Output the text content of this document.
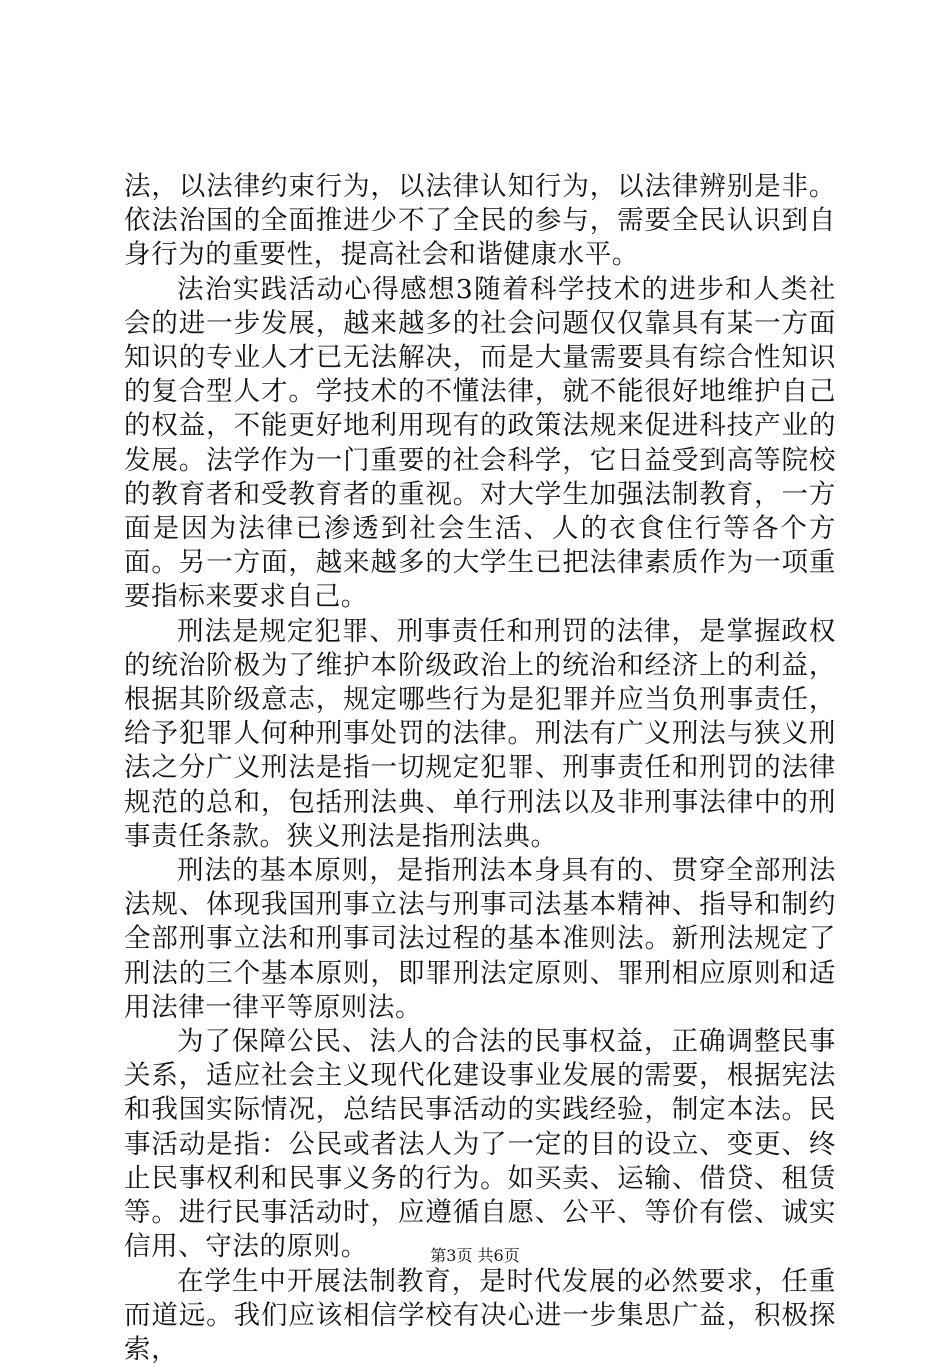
法，以法律约束行为，以法律认知行为，以法律辨别是非。依法治国的全面推进少不了全民的参与，需要全民认识到自身行为的重要性，提高社会和谐健康水平。

法治实践活动心得感想3随着科学技术的进步和人类社会的进一步发展，越来越多的社会问题仅仅靠具有某一方面知识的专业人才已无法解决，而是大量需要具有综合性知识的复合型人才。学技术的不懂法律，就不能很好地维护自己的权益，不能更好地利用现有的政策法规来促进科技产业的发展。法学作为一门重要的社会科学，它日益受到高等院校的教育者和受教育者的重视。对大学生加强法制教育，一方面是因为法律已渗透到社会生活、人的衣食住行等各个方面。另一方面，越来越多的大学生已把法律素质作为一项重要指标来要求自己。

刑法是规定犯罪、刑事责任和刑罚的法律，是掌握政权的统治阶极为了维护本阶级政治上的统治和经济上的利益，根据其阶级意志，规定哪些行为是犯罪并应当负刑事责任，给予犯罪人何种刑事处罚的法律。刑法有广义刑法与狭义刑法之分广义刑法是指一切规定犯罪、刑事责任和刑罚的法律规范的总和，包括刑法典、单行刑法以及非刑事法律中的刑事责任条款。狭义刑法是指刑法典。

刑法的基本原则，是指刑法本身具有的、贯穿全部刑法法规、体现我国刑事立法与刑事司法基本精神、指导和制约全部刑事立法和刑事司法过程的基本准则法。新刑法规定了刑法的三个基本原则，即罪刑法定原则、罪刑相应原则和适用法律一律平等原则法。

为了保障公民、法人的合法的民事权益，正确调整民事关系，适应社会主义现代化建设事业发展的需要，根据宪法和我国实际情况，总结民事活动的实践经验，制定本法。民事活动是指：公民或者法人为了一定的目的设立、变更、终止民事权利和民事义务的行为。如买卖、运输、借贷、租赁等。进行民事活动时，应遵循自愿、公平、等价有偿、诚实信用、守法的原则。

在学生中开展法制教育，是时代发展的必然要求，任重而道远。我们应该相信学校有决心进一步集思广益，积极探索，

第3页 共6页
